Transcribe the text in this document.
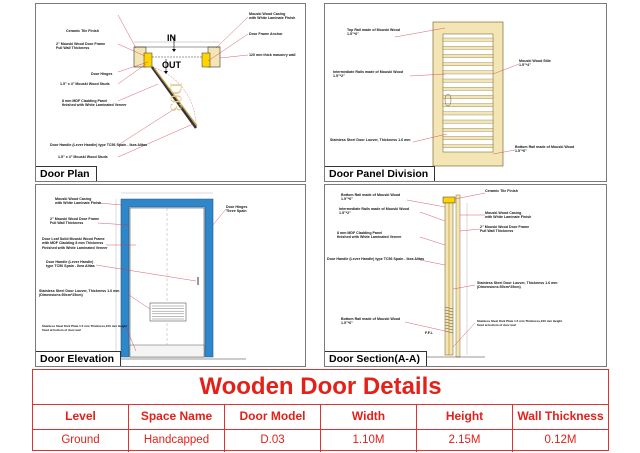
IN
OUT
D03
Ceramic Tile Finish
2" Mouski Wood Door Frame
Full Wall Thickness
Door Hinges
1.5" x 4" Mouski Wood Studs
8 mm MDF Cladding Panel
finished with White Laminated Veneer
Door Handle (Lever Handle) type TC56 Spain - Ikea Alitas
1.5" x 4" Mouski Wood Studs
Mouski Wood Casing
with White Laminate Finish
Door Frame Anchor
120 mm thick masonry wall
Door Plan
Top Rail made of Mouski Wood
1.5"*6"
Intermediate Rails made of Mouski Wood
1.5"*2"
Stainless Steel Door Louver, Thickness 1.6 mm
Mouski Wood Stile
1.5"*4"
Bottom Rail made of Mouski Wood
1.5"*6"
Door Panel Division
Mouski Wood Casing
with White Laminate Finish
2" Mouski Wood Door Frame
Full Wall Thickness
Door Leaf Solid Mouski Wood Frame
with MDF Cladding 8 mm Thickness
Finished with White Laminated Veneer
Door Handle (Lever Handle)
type TC56 Spain - Ikea Alitas
Stainless Steel Door Louver, Thickness 1.6 mm
(Dimensions:50cm*25cm)
Stainless Steel Kick Plate 1.5 mm Thickness,100 mm Height
fixed at bottom of door leaf
Door Hinges
Three Spain
Door Elevation
Bottom Rail made of Mouski Wood
1.5"*6"
Intermediate Rails made of Mouski Wood
1.5"*2"
8 mm MDF Cladding Panel
finished with White Laminated Veneer
Door Handle (Lever Handle) type TC56 Spain - Ikea Alitas
Bottom Rail made of Mouski Wood
1.5"*6"
Ceramic Tile Finish
Mouski Wood Casing
with White Laminate Finish
2" Mouski Wood Door Frame
Full Wall Thickness
Stainless Steel Door Louver, Thickness 1.6 mm
(Dimensions:50cm*25cm)
Stainless Steel Kick Plate 1.5 mm Thickness,100 mm Height
fixed at bottom of door leaf
F.F.L
Door Section(A-A)
Wooden Door Details
Level	Space Name	Door Model	Width	Height	Wall Thickness
Ground	Handcapped	D.03	1.10M	2.15M	0.12M
